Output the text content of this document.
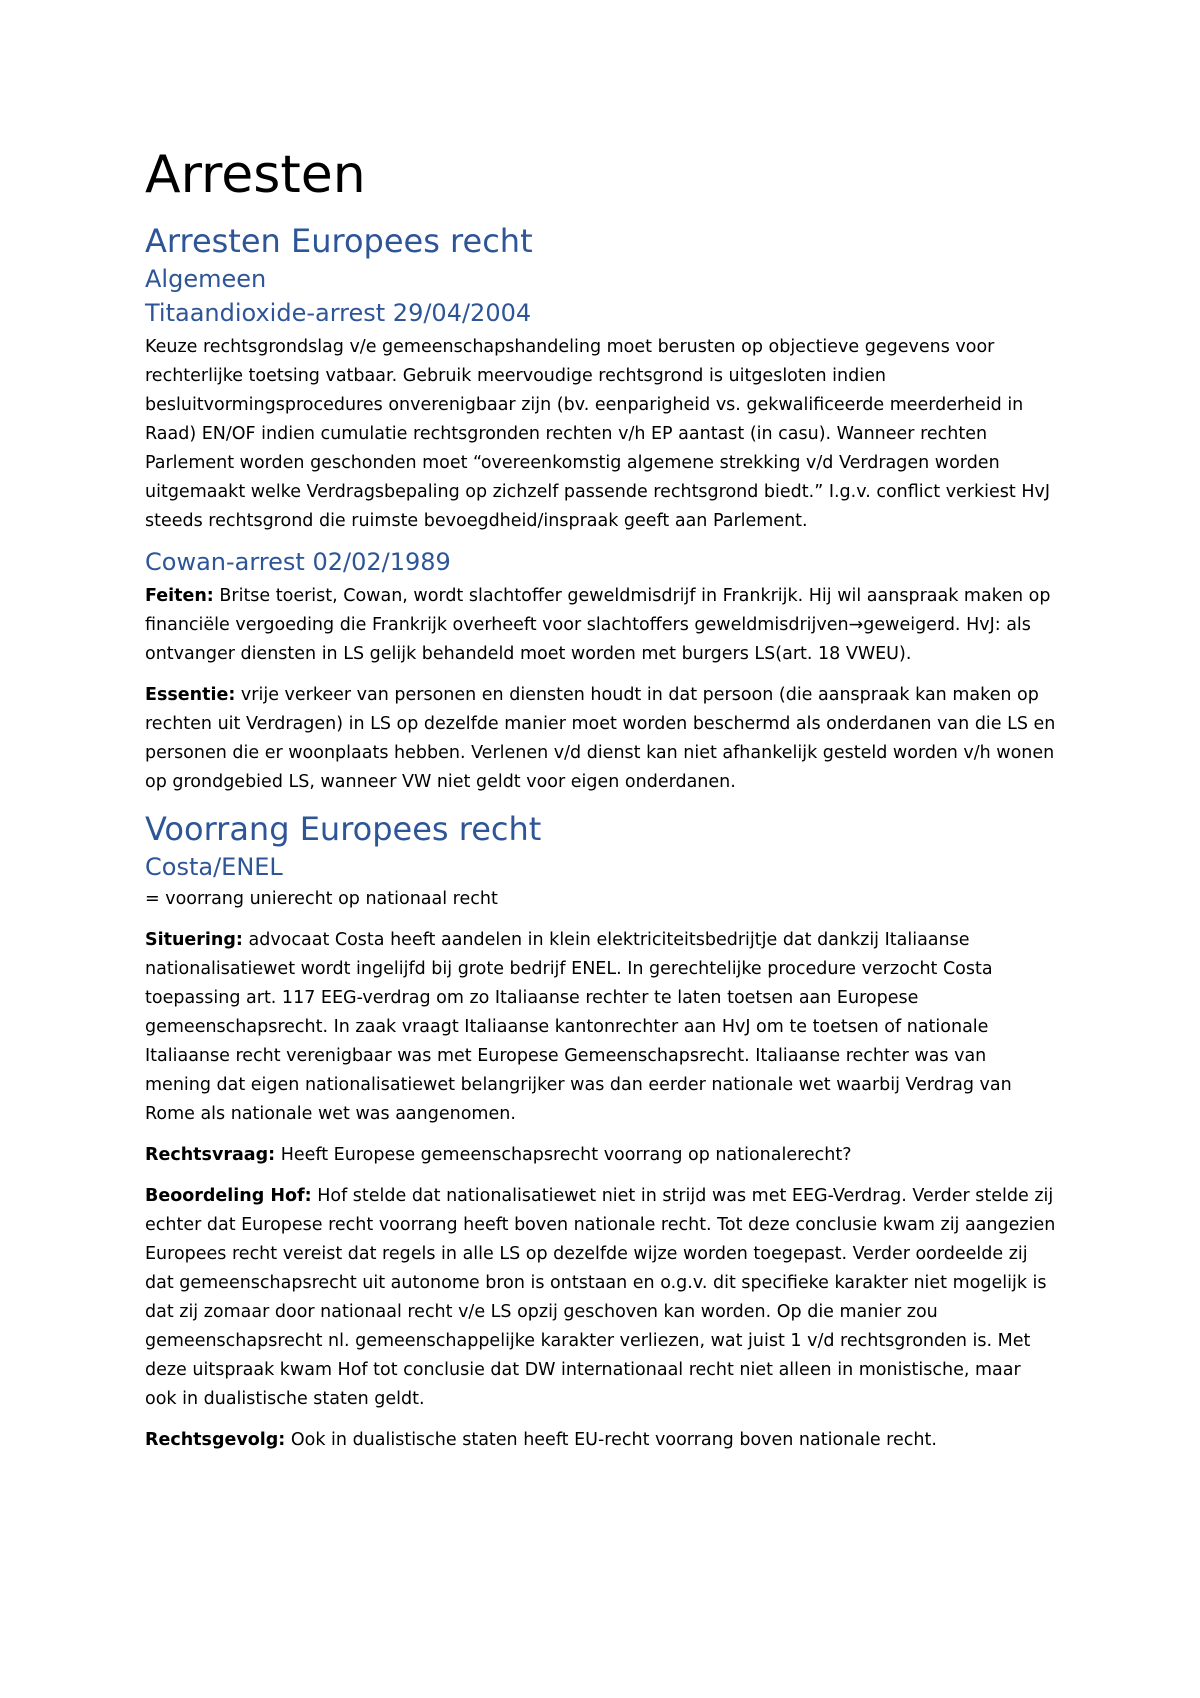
Arresten
Arresten Europees recht
Algemeen
Titaandioxide-arrest 29/04/2004

Keuze rechtsgrondslag v/e gemeenschapshandeling moet berusten op objectieve gegevens voor rechterlijke toetsing vatbaar. Gebruik meervoudige rechtsgrond is uitgesloten indien besluitvormingsprocedures onverenigbaar zijn (bv. eenparigheid vs. gekwalificeerde meerderheid in Raad) EN/OF indien cumulatie rechtsgronden rechten v/h EP aantast (in casu). Wanneer rechten Parlement worden geschonden moet “overeenkomstig algemene strekking v/d Verdragen worden uitgemaakt welke Verdragsbepaling op zichzelf passende rechtsgrond biedt.” I.g.v. conflict verkiest HvJ steeds rechtsgrond die ruimste bevoegdheid/inspraak geeft aan Parlement.

Cowan-arrest 02/02/1989

Feiten: Britse toerist, Cowan, wordt slachtoffer geweldmisdrijf in Frankrijk. Hij wil aanspraak maken op financiële vergoeding die Frankrijk overheeft voor slachtoffers geweldmisdrijven→geweigerd. HvJ: als ontvanger diensten in LS gelijk behandeld moet worden met burgers LS(art. 18 VWEU).

Essentie: vrije verkeer van personen en diensten houdt in dat persoon (die aanspraak kan maken op rechten uit Verdragen) in LS op dezelfde manier moet worden beschermd als onderdanen van die LS en personen die er woonplaats hebben. Verlenen v/d dienst kan niet afhankelijk gesteld worden v/h wonen op grondgebied LS, wanneer VW niet geldt voor eigen onderdanen.

Voorrang Europees recht
Costa/ENEL

= voorrang unierecht op nationaal recht

Situering: advocaat Costa heeft aandelen in klein elektriciteitsbedrijtje dat dankzij Italiaanse nationalisatiewet wordt ingelijfd bij grote bedrijf ENEL. In gerechtelijke procedure verzocht Costa toepassing art. 117 EEG-verdrag om zo Italiaanse rechter te laten toetsen aan Europese gemeenschapsrecht. In zaak vraagt Italiaanse kantonrechter aan HvJ om te toetsen of nationale Italiaanse recht verenigbaar was met Europese Gemeenschapsrecht. Italiaanse rechter was van mening dat eigen nationalisatiewet belangrijker was dan eerder nationale wet waarbij Verdrag van Rome als nationale wet was aangenomen.

Rechtsvraag: Heeft Europese gemeenschapsrecht voorrang op nationalerecht?

Beoordeling Hof: Hof stelde dat nationalisatiewet niet in strijd was met EEG-Verdrag. Verder stelde zij echter dat Europese recht voorrang heeft boven nationale recht. Tot deze conclusie kwam zij aangezien Europees recht vereist dat regels in alle LS op dezelfde wijze worden toegepast. Verder oordeelde zij dat gemeenschapsrecht uit autonome bron is ontstaan en o.g.v. dit specifieke karakter niet mogelijk is dat zij zomaar door nationaal recht v/e LS opzij geschoven kan worden. Op die manier zou gemeenschapsrecht nl. gemeenschappelijke karakter verliezen, wat juist 1 v/d rechtsgronden is. Met deze uitspraak kwam Hof tot conclusie dat DW internationaal recht niet alleen in monistische, maar ook in dualistische staten geldt.

Rechtsgevolg: Ook in dualistische staten heeft EU-recht voorrang boven nationale recht.
